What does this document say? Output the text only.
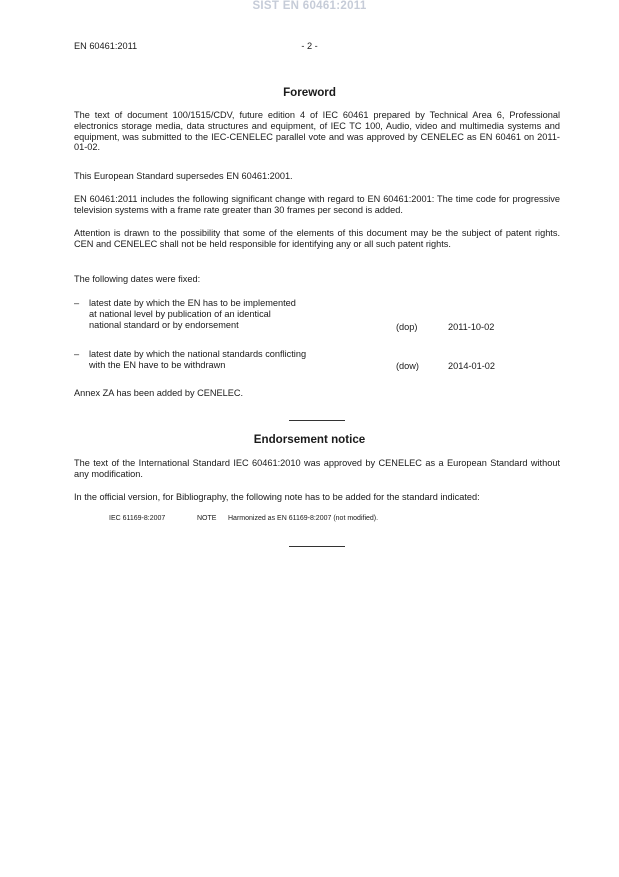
SIST EN 60461:2011
EN 60461:2011	- 2 -
Foreword

The text of document 100/1515/CDV, future edition 4 of IEC 60461 prepared by Technical Area 6, Professional electronics storage media, data structures and equipment, of IEC TC 100, Audio, video and multimedia systems and equipment, was submitted to the IEC-CENELEC parallel vote and was approved by CENELEC as EN 60461 on 2011-01-02.

This European Standard supersedes EN 60461:2001.

EN 60461:2011 includes the following significant change with regard to EN 60461:2001: The time code for progressive television systems with a frame rate greater than 30 frames per second is added.

Attention is drawn to the possibility that some of the elements of this document may be the subject of patent rights. CEN and CENELEC shall not be held responsible for identifying any or all such patent rights.

The following dates were fixed:

– latest date by which the EN has to be implemented
at national level by publication of an identical
national standard or by endorsement	(dop)	2011-10-02
– latest date by which the national standards conflicting
with the EN have to be withdrawn	(dow)	2014-01-02

Annex ZA has been added by CENELEC.

Endorsement notice

The text of the International Standard IEC 60461:2010 was approved by CENELEC as a European Standard without any modification.

In the official version, for Bibliography, the following note has to be added for the standard indicated:

IEC 61169-8:2007	NOTE Harmonized as EN 61169-8:2007 (not modified).
